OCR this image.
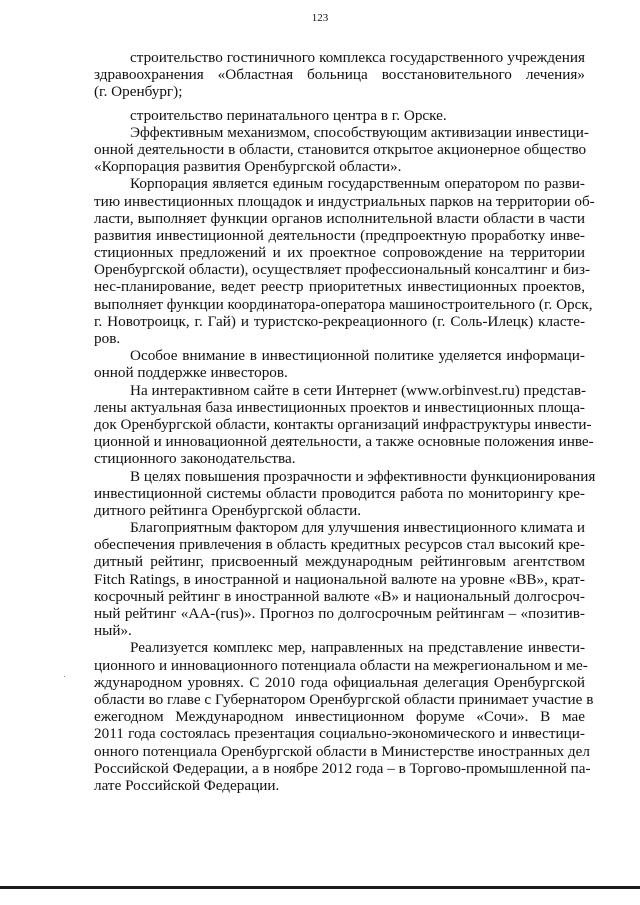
123
строительство гостиничного комплекса государственного учреждения
здравоохранения «Областная больница восстановительного лечения»
(г. Оренбург);
строительство перинатального центра в г. Орске.
Эффективным механизмом, способствующим активизации инвестици-
онной деятельности в области, становится открытое акционерное общество
«Корпорация развития Оренбургской области».
Корпорация является единым государственным оператором по разви-
тию инвестиционных площадок и индустриальных парков на территории об-
ласти, выполняет функции органов исполнительной власти области в части
развития инвестиционной деятельности (предпроектную проработку инве-
стиционных предложений и их проектное сопровождение на территории
Оренбургской области), осуществляет профессиональный консалтинг и биз-
нес-планирование, ведет реестр приоритетных инвестиционных проектов,
выполняет функции координатора-оператора машиностроительного (г. Орск,
г. Новотроицк, г. Гай) и туристско-рекреационного (г. Соль-Илецк) класте-
ров.
Особое внимание в инвестиционной политике уделяется информаци-
онной поддержке инвесторов.
На интерактивном сайте в сети Интернет (www.orbinvest.ru) представ-
лены актуальная база инвестиционных проектов и инвестиционных площа-
док Оренбургской области, контакты организаций инфраструктуры инвести-
ционной и инновационной деятельности, а также основные положения инве-
стиционного законодательства.
В целях повышения прозрачности и эффективности функционирования
инвестиционной системы области проводится работа по мониторингу кре-
дитного рейтинга Оренбургской области.
Благоприятным фактором для улучшения инвестиционного климата и
обеспечения привлечения в область кредитных ресурсов стал высокий кре-
дитный рейтинг, присвоенный международным рейтинговым агентством
Fitch Ratings, в иностранной и национальной валюте на уровне «ВВ», крат-
косрочный рейтинг в иностранной валюте «В» и национальный долгосроч-
ный рейтинг «АА-(rus)». Прогноз по долгосрочным рейтингам – «позитив-
ный».
Реализуется комплекс мер, направленных на представление инвести-
ционного и инновационного потенциала области на межрегиональном и ме-
ждународном уровнях. С 2010 года официальная делегация Оренбургской
области во главе с Губернатором Оренбургской области принимает участие в
ежегодном Международном инвестиционном форуме «Сочи». В мае
2011 года состоялась презентация социально-экономического и инвестици-
онного потенциала Оренбургской области в Министерстве иностранных дел
Российской Федерации, а в ноябре 2012 года – в Торгово-промышленной па-
лате Российской Федерации.
